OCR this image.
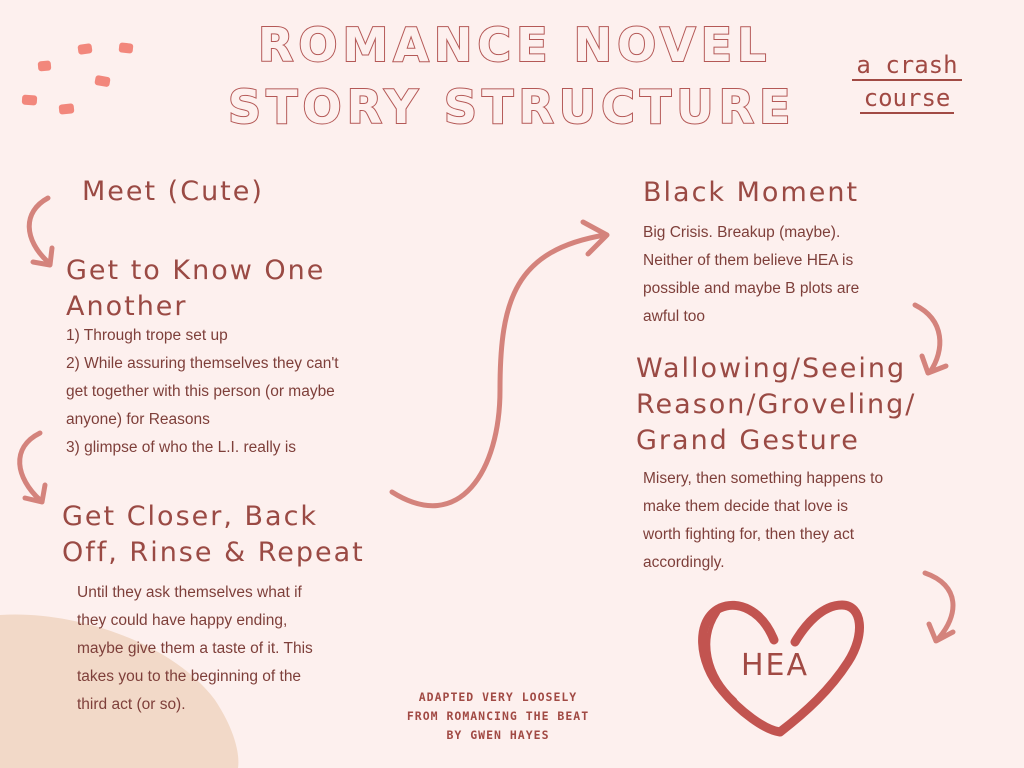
ROMANCE NOVEL
STORY STRUCTURE
a crash
course
Meet (Cute)
Get to Know One
Another
1) Through trope set up
2) While assuring themselves they can't
get together with this person (or maybe
anyone) for Reasons
3) glimpse of who the L.I. really is
Get Closer, Back
Off, Rinse & Repeat
Until they ask themselves what if
they could have happy ending,
maybe give them a taste of it. This
takes you to the beginning of the
third act (or so).
Black Moment
Big Crisis. Breakup (maybe).
Neither of them believe HEA is
possible and maybe B plots are
awful too
Wallowing/Seeing
Reason/Groveling/
Grand Gesture
Misery, then something happens to
make them decide that love is
worth fighting for, then they act
accordingly.
HEA
ADAPTED VERY LOOSELY
FROM ROMANCING THE BEAT
BY GWEN HAYES
